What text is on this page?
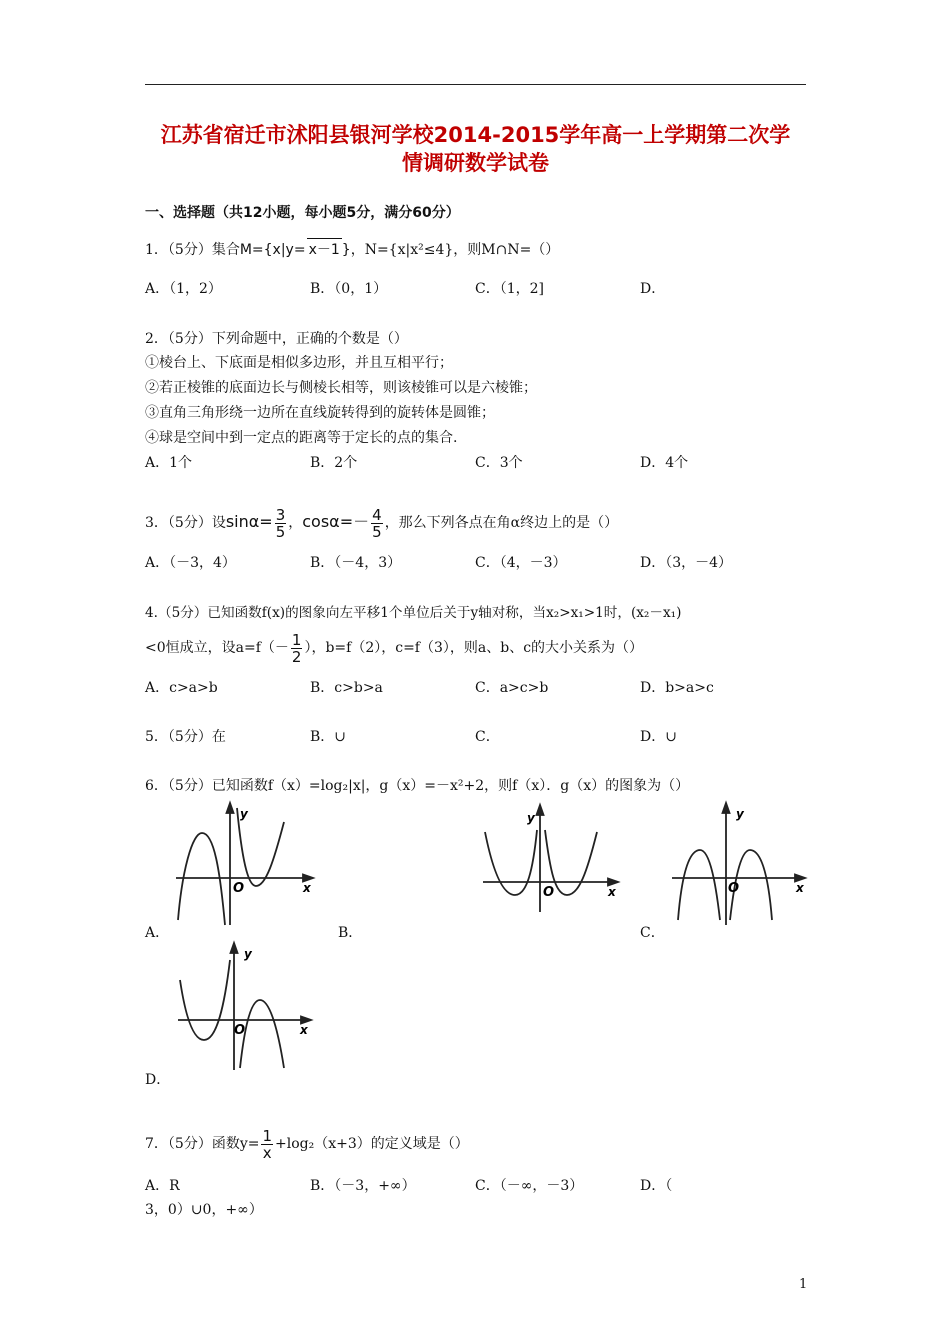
江苏省宿迁市沭阳县银河学校2014-2015学年高一上学期第二次学
情调研数学试卷
一、选择题（共12小题，每小题5分，满分60分）
1．（5分）集合M={x|y= x－1 }，N={x|x²≤4}，则M∩N=（）
A．（1，2）	B．（0，1）	C．（1，2]	D．
2．（5分）下列命题中，正确的个数是（）
①棱台上、下底面是相似多边形，并且互相平行；
②若正棱锥的底面边长与侧棱长相等，则该棱锥可以是六棱锥；
③直角三角形绕一边所在直线旋转得到的旋转体是圆锥；
④球是空间中到一定点的距离等于定长的点的集合.
A．1个	B．2个	C．3个	D．4个
3．（5分）设$\sin\alpha= \frac{3}{5}$ ，$\cos\alpha=- \frac{4}{5}$ ，那么下列各点在角α终边上的是（）
A．（－3，4）	B．（－4，3）	C．（4，－3）	D．（3，－4）
4.（5分）已知函数f(x)的图象向左平移1个单位后关于y轴对称，当x₂>x₁>1时，(x₂－x₁)
<0恒成立，设$a=f(- \frac{1}{2}$ ），b=f（2），c=f（3），则a、b、c的大小关系为（）
A．c>a>b	B．c>b>a	C．a>c>b	D．b>a>c
5．（5分）在	B．∪	C．	D．∪
6．（5分）已知函数f（x）=log₂|x|，g（x）=－x²+2，则f（x）．g（x）的图象为（）
y
O	x
A．	B．
y
O	x
y
O	x
C．
y
O	x
D．
7．（5分）函数$y= \frac{1}{x} +\log_2(x+3)$的定义域是（）
A．R	B．（－3，+∞）	C．（－∞，－3）	D．（
3，0）∪0，+∞）
1
